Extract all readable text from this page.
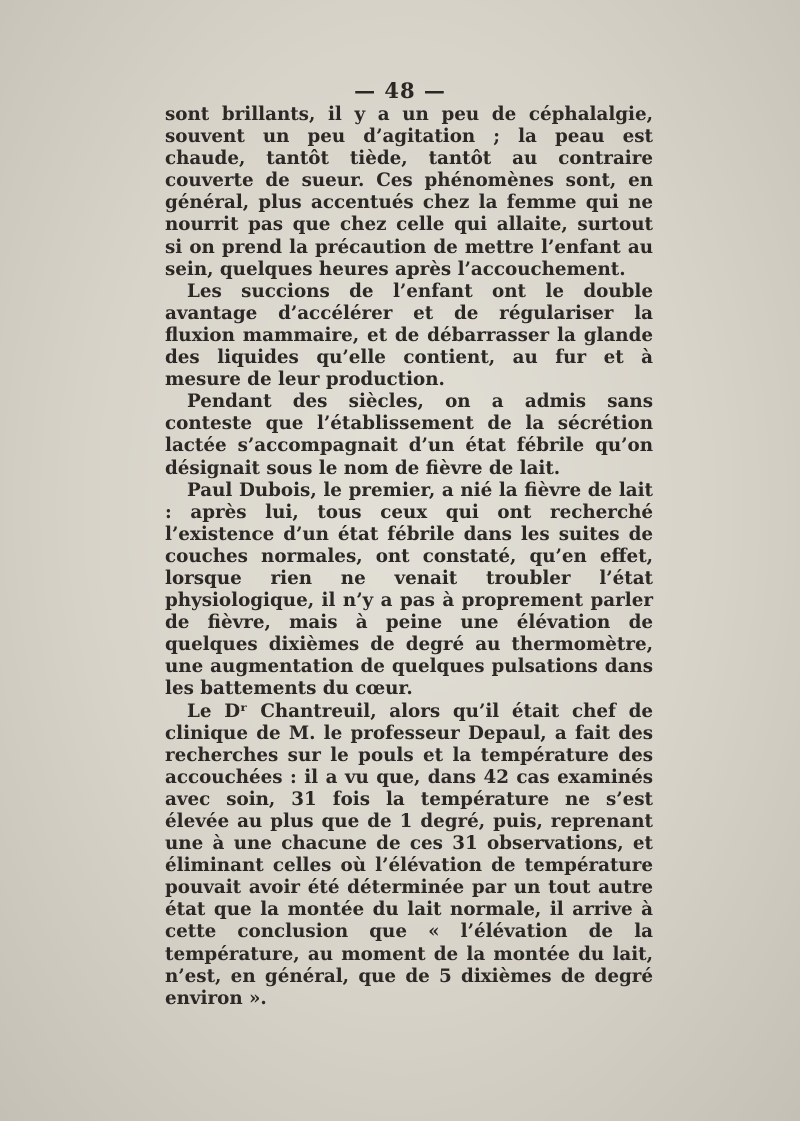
— 48 —

sont brillants, il y a un peu de céphalalgie, souvent un peu d’agitation ; la peau est chaude, tantôt tiède, tantôt au contraire couverte de sueur. Ces phénomènes sont, en général, plus accentués chez la femme qui ne nourrit pas que chez celle qui allaite, surtout si on prend la précaution de mettre l’enfant au sein, quelques heures après l’accouchement.

Les succions de l’enfant ont le double avantage d’accélérer et de régulariser la fluxion mammaire, et de débarrasser la glande des liquides qu’elle contient, au fur et à mesure de leur production.

Pendant des siècles, on a admis sans conteste que l’établissement de la sécrétion lactée s’accompagnait d’un état fébrile qu’on désignait sous le nom de fièvre de lait.

Paul Dubois, le premier, a nié la fièvre de lait : après lui, tous ceux qui ont recherché l’existence d’un état fébrile dans les suites de couches normales, ont constaté, qu’en effet, lorsque rien ne venait troubler l’état physiologique, il n’y a pas à proprement parler de fièvre, mais à peine une élévation de quelques dixièmes de degré au thermomètre, une augmentation de quelques pulsations dans les battements du cœur.

Le Dʳ Chantreuil, alors qu’il était chef de clinique de M. le professeur Depaul, a fait des recherches sur le pouls et la température des accouchées : il a vu que, dans 42 cas examinés avec soin, 31 fois la température ne s’est élevée au plus que de 1 degré, puis, reprenant une à une chacune de ces 31 observations, et éliminant celles où l’élévation de température pouvait avoir été déterminée par un tout autre état que la montée du lait normale, il arrive à cette conclusion que « l’élévation de la température, au moment de la montée du lait, n’est, en général, que de 5 dixièmes de degré environ ».
